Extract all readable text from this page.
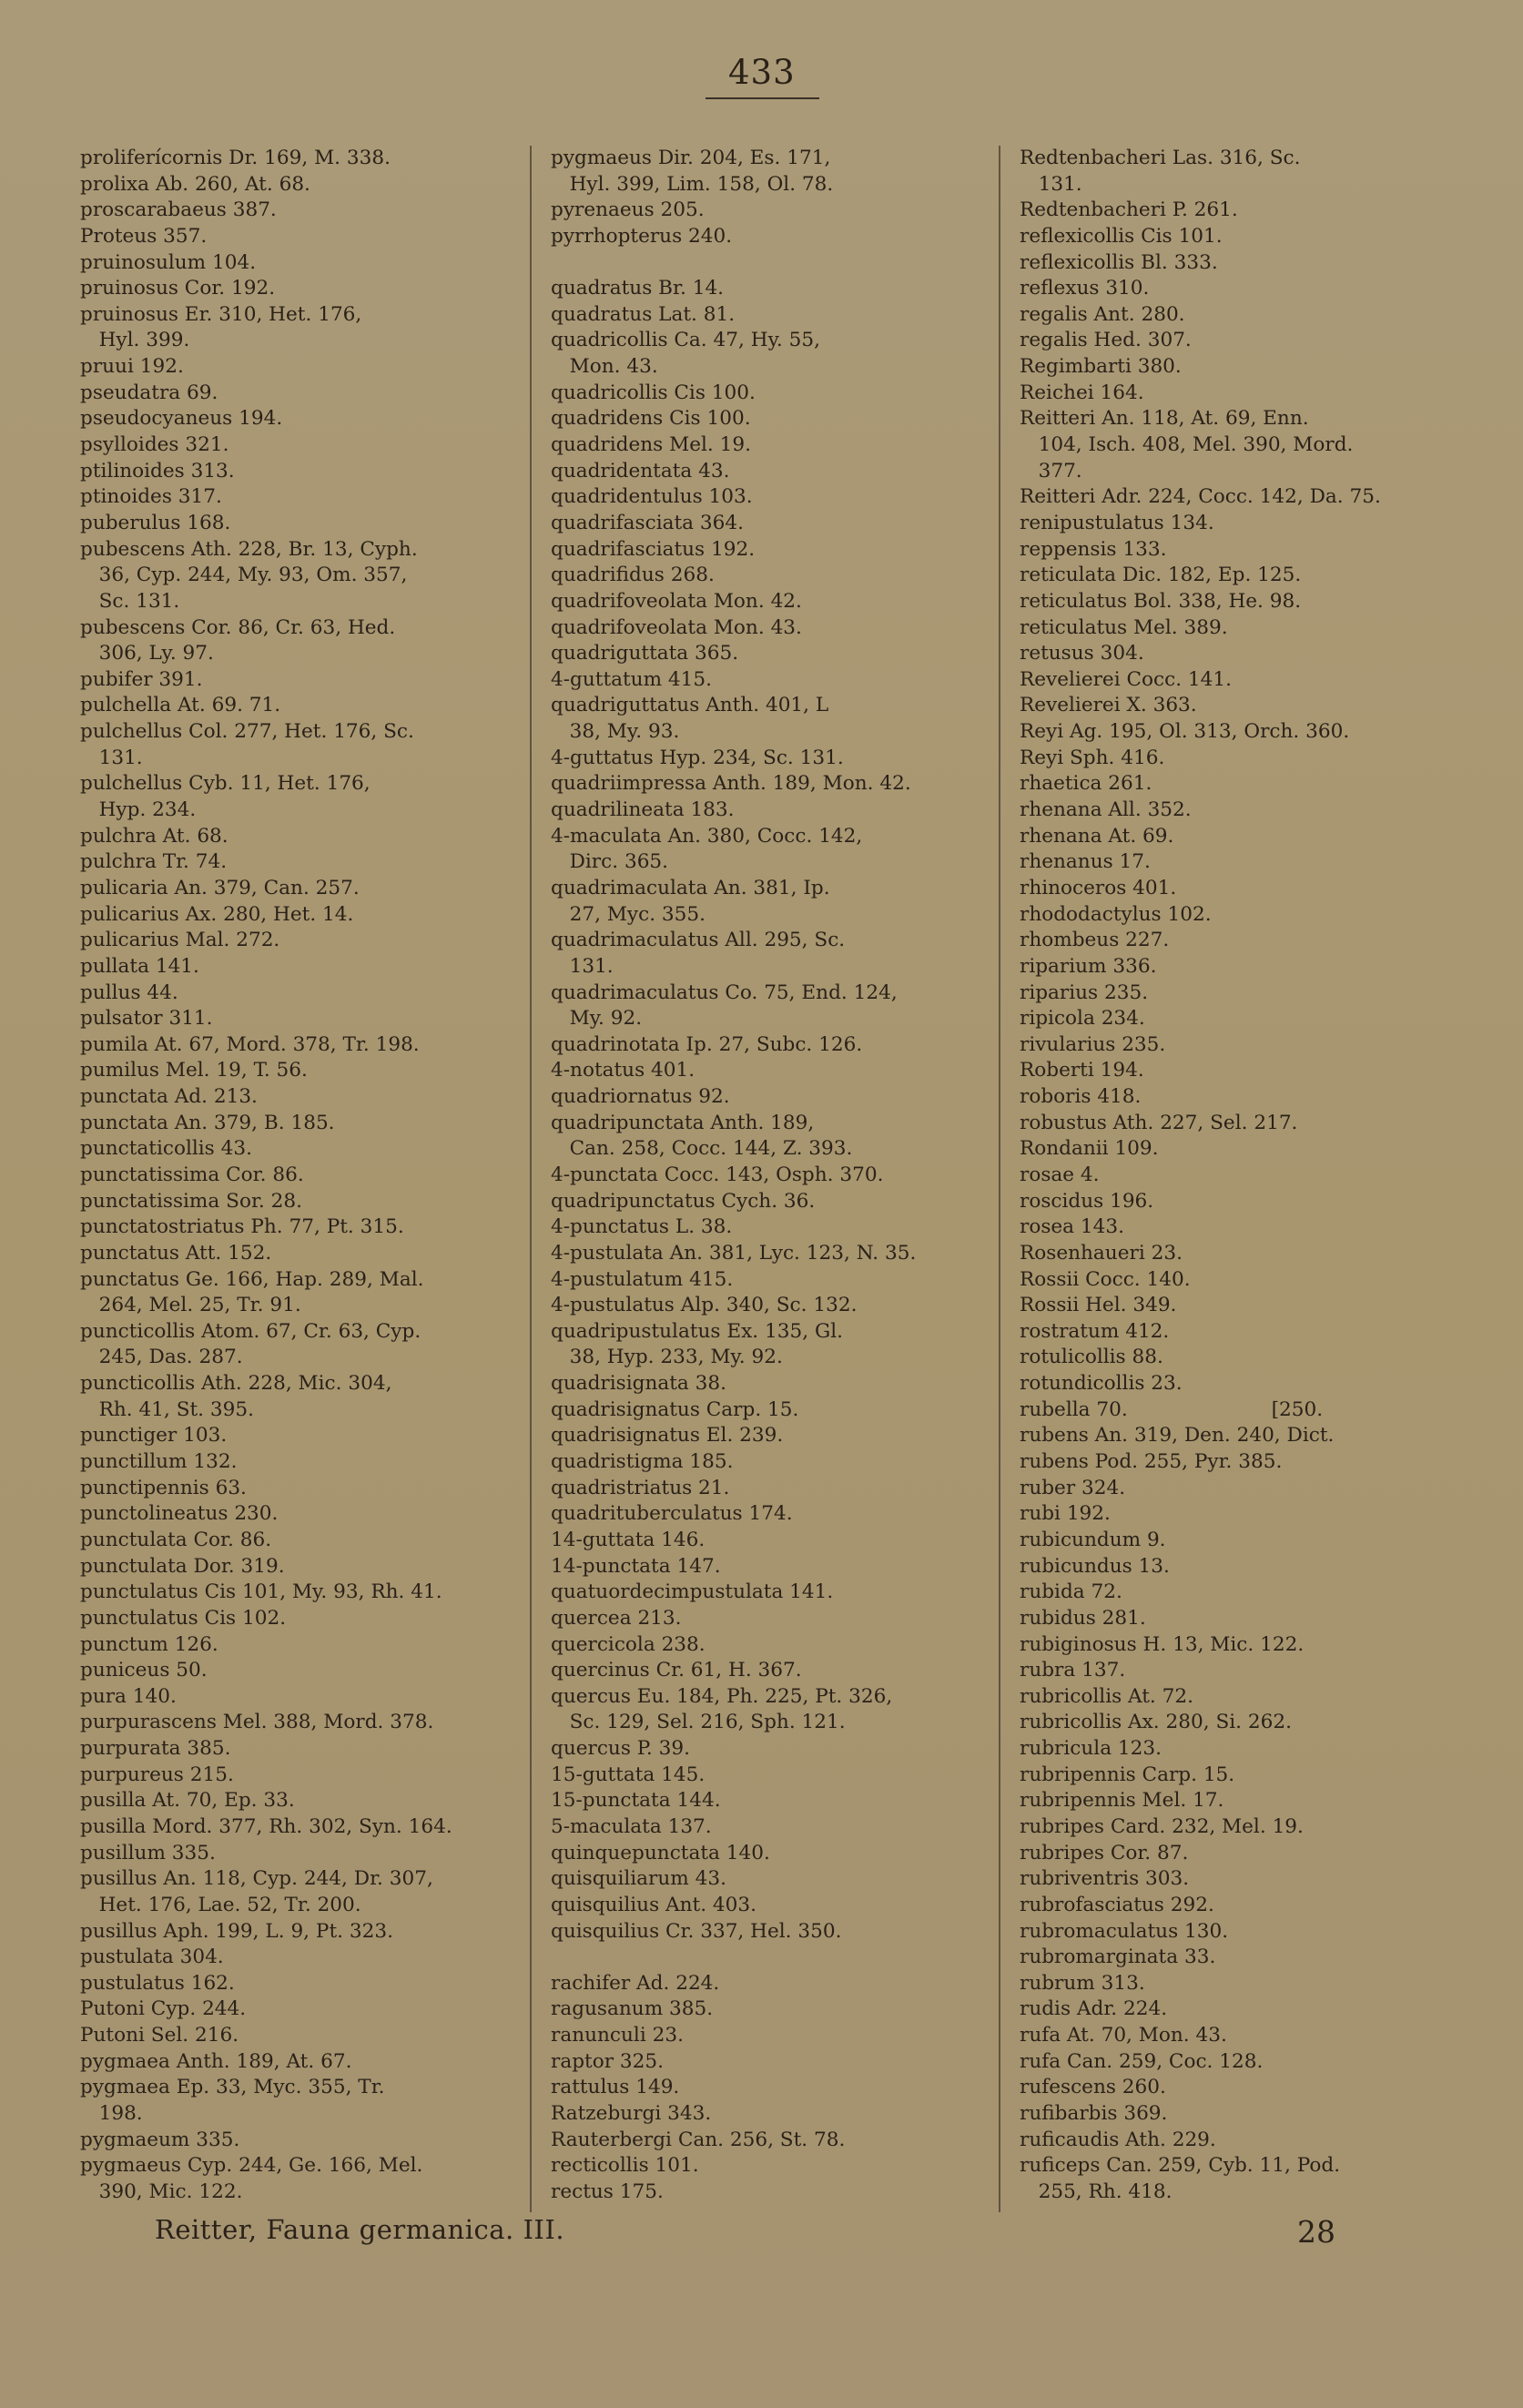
433
proliferícornis Dr. 169, M. 338.
prolixa Ab. 260, At. 68.
proscarabaeus 387.
Proteus 357.
pruinosulum 104.
pruinosus Cor. 192.
pruinosus Er. 310, Het. 176,
Hyl. 399.
pruui 192.
pseudatra 69.
pseudocyaneus 194.
psylloides 321.
ptilinoides 313.
ptinoides 317.
puberulus 168.
pubescens Ath. 228, Br. 13, Cyph.
36, Cyp. 244, My. 93, Om. 357,
Sc. 131.
pubescens Cor. 86, Cr. 63, Hed.
306, Ly. 97.
pubifer 391.
pulchella At. 69. 71.
pulchellus Col. 277, Het. 176, Sc.
131.
pulchellus Cyb. 11, Het. 176,
Hyp. 234.
pulchra At. 68.
pulchra Tr. 74.
pulicaria An. 379, Can. 257.
pulicarius Ax. 280, Het. 14.
pulicarius Mal. 272.
pullata 141.
pullus 44.
pulsator 311.
pumila At. 67, Mord. 378, Tr. 198.
pumilus Mel. 19, T. 56.
punctata Ad. 213.
punctata An. 379, B. 185.
punctaticollis 43.
punctatissima Cor. 86.
punctatissima Sor. 28.
punctatostriatus Ph. 77, Pt. 315.
punctatus Att. 152.
punctatus Ge. 166, Hap. 289, Mal.
264, Mel. 25, Tr. 91.
puncticollis Atom. 67, Cr. 63, Cyp.
245, Das. 287.
puncticollis Ath. 228, Mic. 304,
Rh. 41, St. 395.
punctiger 103.
punctillum 132.
punctipennis 63.
punctolineatus 230.
punctulata Cor. 86.
punctulata Dor. 319.
punctulatus Cis 101, My. 93, Rh. 41.
punctulatus Cis 102.
punctum 126.
puniceus 50.
pura 140.
purpurascens Mel. 388, Mord. 378.
purpurata 385.
purpureus 215.
pusilla At. 70, Ep. 33.
pusilla Mord. 377, Rh. 302, Syn. 164.
pusillum 335.
pusillus An. 118, Cyp. 244, Dr. 307,
Het. 176, Lae. 52, Tr. 200.
pusillus Aph. 199, L. 9, Pt. 323.
pustulata 304.
pustulatus 162.
Putoni Cyp. 244.
Putoni Sel. 216.
pygmaea Anth. 189, At. 67.
pygmaea Ep. 33, Myc. 355, Tr.
198.
pygmaeum 335.
pygmaeus Cyp. 244, Ge. 166, Mel.
390, Mic. 122.
pygmaeus Dir. 204, Es. 171,
Hyl. 399, Lim. 158, Ol. 78.
pyrenaeus 205.
pyrrhopterus 240.
quadratus Br. 14.
quadratus Lat. 81.
quadricollis Ca. 47, Hy. 55,
Mon. 43.
quadricollis Cis 100.
quadridens Cis 100.
quadridens Mel. 19.
quadridentata 43.
quadridentulus 103.
quadrifasciata 364.
quadrifasciatus 192.
quadrifidus 268.
quadrifoveolata Mon. 42.
quadrifoveolata Mon. 43.
quadriguttata 365.
4-guttatum 415.
quadriguttatus Anth. 401, L
38, My. 93.
4-guttatus Hyp. 234, Sc. 131.
quadriimpressa Anth. 189, Mon. 42.
quadrilineata 183.
4-maculata An. 380, Cocc. 142,
Dirc. 365.
quadrimaculata An. 381, Ip.
27, Myc. 355.
quadrimaculatus All. 295, Sc.
131.
quadrimaculatus Co. 75, End. 124,
My. 92.
quadrinotata Ip. 27, Subc. 126.
4-notatus 401.
quadriornatus 92.
quadripunctata Anth. 189,
Can. 258, Cocc. 144, Z. 393.
4-punctata Cocc. 143, Osph. 370.
quadripunctatus Cych. 36.
4-punctatus L. 38.
4-pustulata An. 381, Lyc. 123, N. 35.
4-pustulatum 415.
4-pustulatus Alp. 340, Sc. 132.
quadripustulatus Ex. 135, Gl.
38, Hyp. 233, My. 92.
quadrisignata 38.
quadrisignatus Carp. 15.
quadrisignatus El. 239.
quadristigma 185.
quadristriatus 21.
quadrituberculatus 174.
14-guttata 146.
14-punctata 147.
quatuordecimpustulata 141.
quercea 213.
quercicola 238.
quercinus Cr. 61, H. 367.
quercus Eu. 184, Ph. 225, Pt. 326,
Sc. 129, Sel. 216, Sph. 121.
quercus P. 39.
15-guttata 145.
15-punctata 144.
5-maculata 137.
quinquepunctata 140.
quisquiliarum 43.
quisquilius Ant. 403.
quisquilius Cr. 337, Hel. 350.
rachifer Ad. 224.
ragusanum 385.
ranunculi 23.
raptor 325.
rattulus 149.
Ratzeburgi 343.
Rauterbergi Can. 256, St. 78.
recticollis 101.
rectus 175.
Redtenbacheri Las. 316, Sc.
131.
Redtenbacheri P. 261.
reflexicollis Cis 101.
reflexicollis Bl. 333.
reflexus 310.
regalis Ant. 280.
regalis Hed. 307.
Regimbarti 380.
Reichei 164.
Reitteri An. 118, At. 69, Enn.
104, Isch. 408, Mel. 390, Mord.
377.
Reitteri Adr. 224, Cocc. 142, Da. 75.
renipustulatus 134.
reppensis 133.
reticulata Dic. 182, Ep. 125.
reticulatus Bol. 338, He. 98.
reticulatus Mel. 389.
retusus 304.
Revelierei Cocc. 141.
Revelierei X. 363.
Reyi Ag. 195, Ol. 313, Orch. 360.
Reyi Sph. 416.
rhaetica 261.
rhenana All. 352.
rhenana At. 69.
rhenanus 17.
rhinoceros 401.
rhododactylus 102.
rhombeus 227.
riparium 336.
riparius 235.
ripicola 234.
rivularius 235.
Roberti 194.
roboris 418.
robustus Ath. 227, Sel. 217.
Rondanii 109.
rosae 4.
roscidus 196.
rosea 143.
Rosenhaueri 23.
Rossii Cocc. 140.
Rossii Hel. 349.
rostratum 412.
rotulicollis 88.
rotundicollis 23.
rubella 70.                       [250.
rubens An. 319, Den. 240, Dict.
rubens Pod. 255, Pyr. 385.
ruber 324.
rubi 192.
rubicundum 9.
rubicundus 13.
rubida 72.
rubidus 281.
rubiginosus H. 13, Mic. 122.
rubra 137.
rubricollis At. 72.
rubricollis Ax. 280, Si. 262.
rubricula 123.
rubripennis Carp. 15.
rubripennis Mel. 17.
rubripes Card. 232, Mel. 19.
rubripes Cor. 87.
rubriventris 303.
rubrofasciatus 292.
rubromaculatus 130.
rubromarginata 33.
rubrum 313.
rudis Adr. 224.
rufa At. 70, Mon. 43.
rufa Can. 259, Coc. 128.
rufescens 260.
rufibarbis 369.
ruficaudis Ath. 229.
ruficeps Can. 259, Cyb. 11, Pod.
255, Rh. 418.
Reitter, Fauna germanica. III.	28
